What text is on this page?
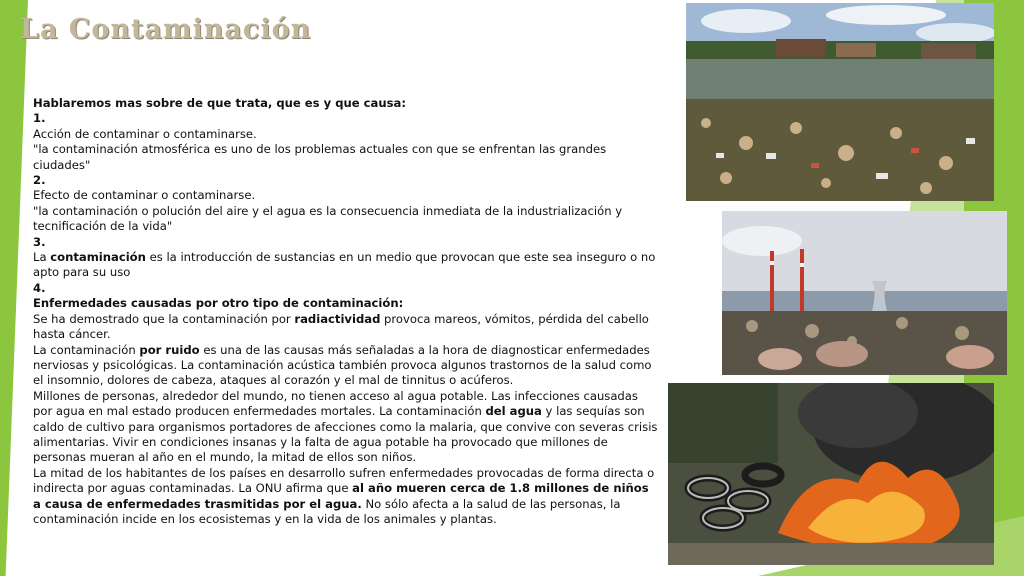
La Contaminación

Hablaremos mas sobre de que trata, que es y que causa:

1.

Acción de contaminar o contaminarse.

"la contaminación atmosférica es uno de los problemas actuales con que se enfrentan las grandes ciudades"

2.

Efecto de contaminar o contaminarse.

"la contaminación o polución del aire y el agua es la consecuencia inmediata de la industrialización y tecnificación de la vida"

3.

La contaminación es la introducción de sustancias en un medio que provocan que este sea inseguro o no apto para su uso

4.

Enfermedades causadas por otro tipo de contaminación:

Se ha demostrado que la contaminación por radiactividad provoca mareos, vómitos, pérdida del cabello hasta cáncer.

La contaminación por ruido es una de las causas más señaladas a la hora de diagnosticar enfermedades nerviosas y psicológicas. La contaminación acústica también provoca algunos trastornos de la salud como el insomnio, dolores de cabeza, ataques al corazón y el mal de tinnitus o acúferos.

Millones de personas, alrededor del mundo, no tienen acceso al agua potable. Las infecciones causadas por agua en mal estado producen enfermedades mortales. La contaminación del agua y las sequías son caldo de cultivo para organismos portadores de afecciones como la malaria, que convive con severas crisis alimentarias. Vivir en condiciones insanas y la falta de agua potable ha provocado que millones de personas mueran al año en el mundo, la mitad de ellos son niños.

La mitad de los habitantes de los países en desarrollo sufren enfermedades provocadas de forma directa o indirecta por aguas contaminadas. La ONU afirma que al año mueren cerca de 1.8 millones de niños a causa de enfermedades trasmitidas por el agua. No sólo afecta a la salud de las personas, la contaminación incide en los ecosistemas y en la vida de los animales y plantas.
